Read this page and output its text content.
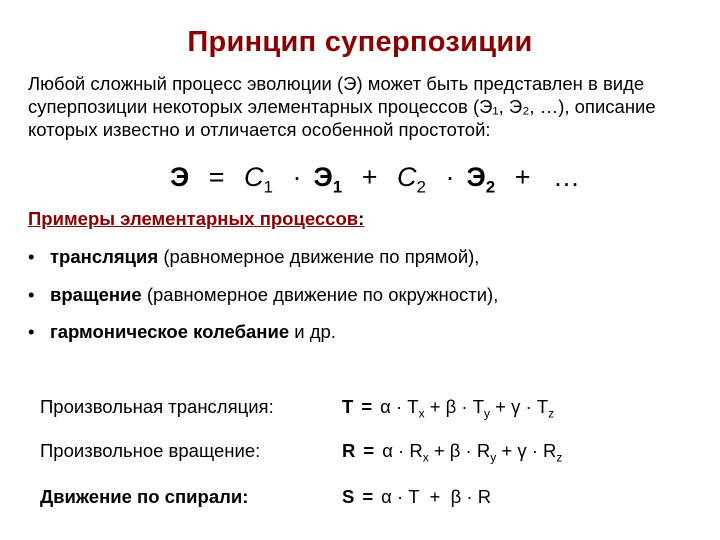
Принцип суперпозиции
Любой сложный процесс эволюции (Э) может быть представлен в виде суперпозиции некоторых элементарных процессов (Э₁, Э₂, …), описание которых известно и отличается особенной простотой:
$Э = C_1 \cdot Э_1 + C_2 \cdot Э_2$ +   …
Примеры элементарных процессов:
• трансляция (равномерное движение по прямой),
• вращение (равномерное движение по окружности),
• гармоническое колебание и др.
Произвольная трансляция:	$T = \alpha \cdot T_x + \beta \cdot T_y + \gamma \cdot T_z$
Произвольное вращение:	$R = \alpha \cdot R_x + \beta \cdot R_y + \gamma \cdot R_z$
Движение по спирали:	S = α · T  +  β · R
